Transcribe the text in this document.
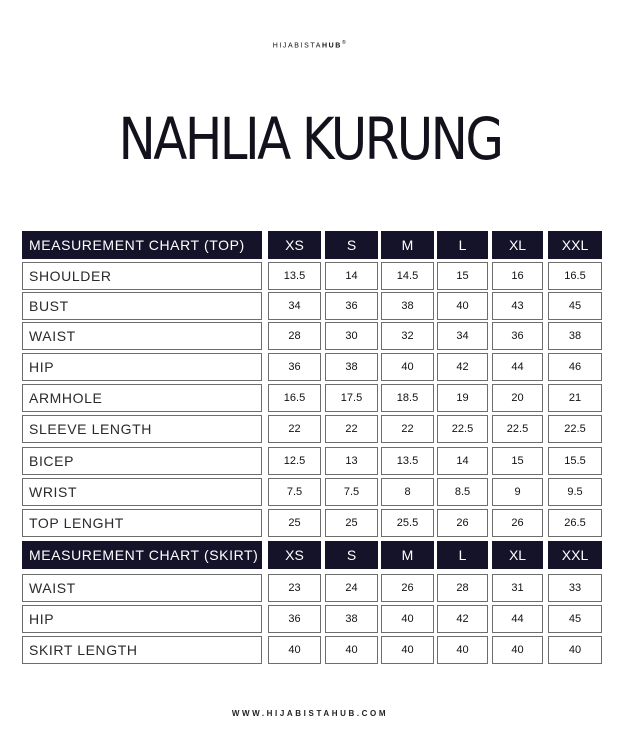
HIJABISTAHUB®
NAHLIA KURUNG
MEASUREMENT CHART (TOP)	XS	S	M	L	XL	XXL
SHOULDER	13.5	14	14.5	15	16	16.5
BUST	34	36	38	40	43	45
WAIST	28	30	32	34	36	38
HIP	36	38	40	42	44	46
ARMHOLE	16.5	17.5	18.5	19	20	21
SLEEVE LENGTH	22	22	22	22.5	22.5	22.5
BICEP	12.5	13	13.5	14	15	15.5
WRIST	7.5	7.5	8	8.5	9	9.5
TOP LENGHT	25	25	25.5	26	26	26.5
MEASUREMENT CHART (SKIRT)	XS	S	M	L	XL	XXL
WAIST	23	24	26	28	31	33
HIP	36	38	40	42	44	45
SKIRT LENGTH	40	40	40	40	40	40
WWW.HIJABISTAHUB.COM
